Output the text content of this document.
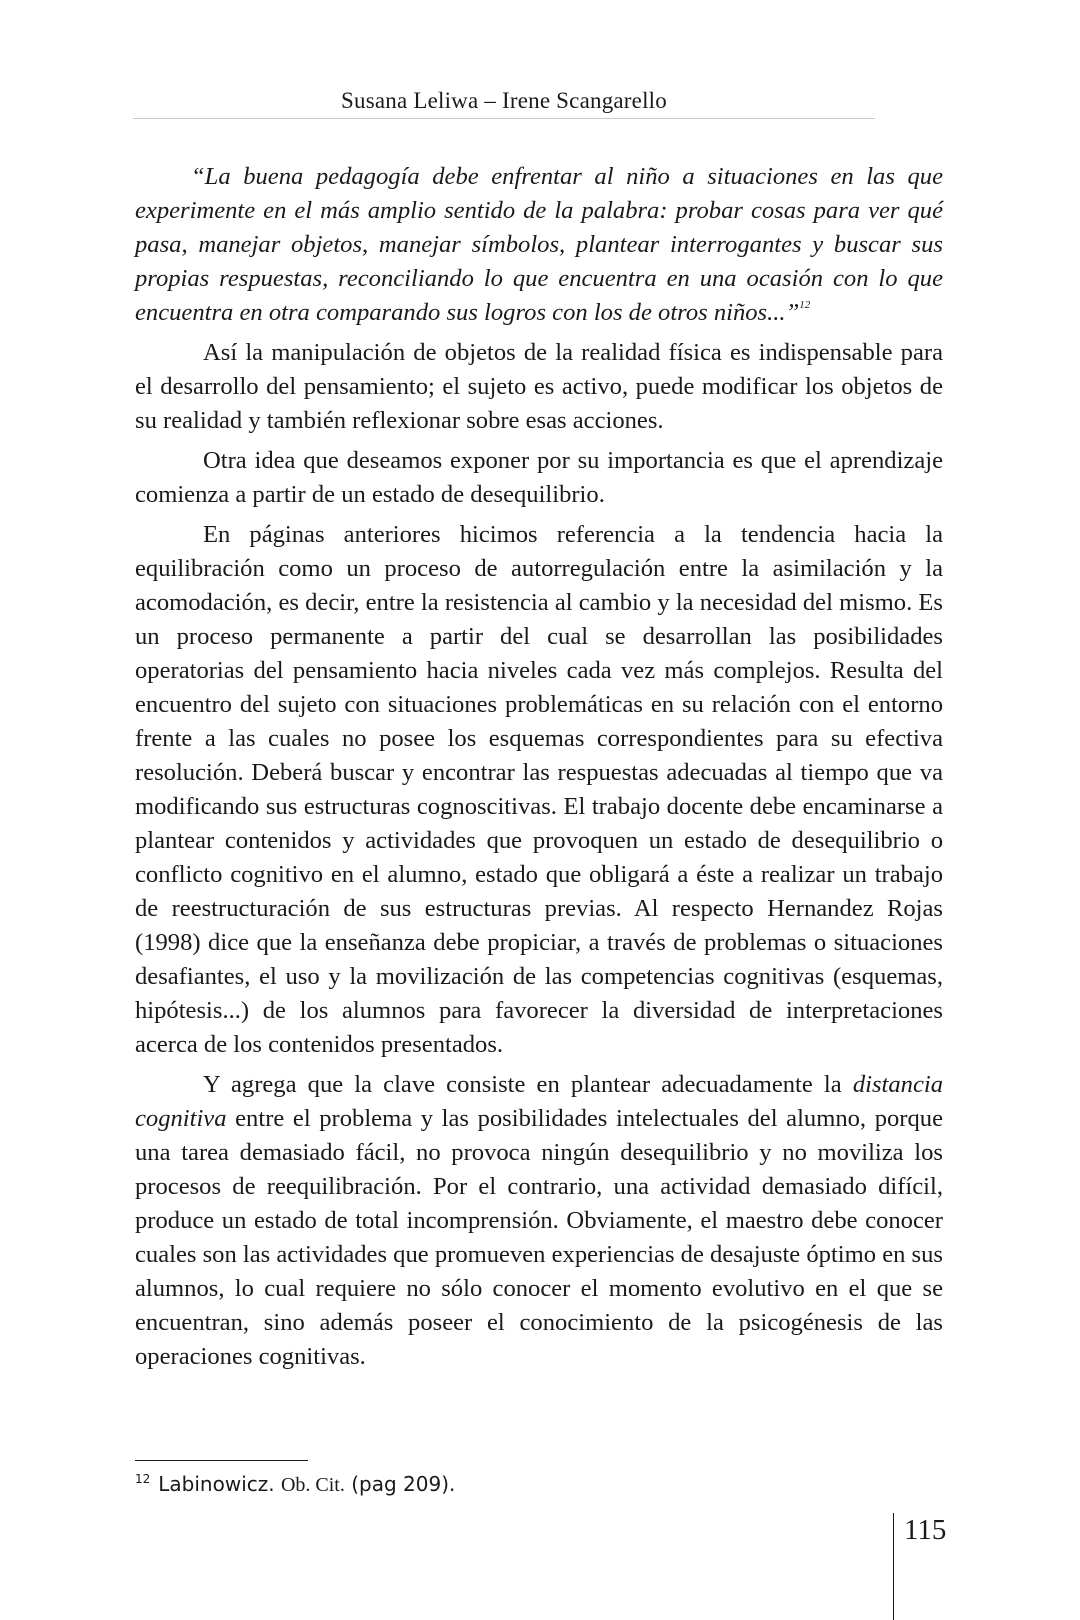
Susana Leliwa – Irene Scangarello

“La buena pedagogía debe enfrentar al niño a situaciones en las que experimente en el más amplio sentido de la palabra: probar cosas para ver qué pasa, manejar objetos, manejar símbolos, plantear interrogantes y buscar sus propias respuestas, reconciliando lo que encuentra en una ocasión con lo que encuentra en otra comparando sus logros con los de otros niños...”$^{12}$

Así la manipulación de objetos de la realidad física es indispensable para el desarrollo del pensamiento; el sujeto es activo, puede modificar los objetos de su realidad y también reflexionar sobre esas acciones.

Otra idea que deseamos exponer por su importancia es que el aprendizaje comienza a partir de un estado de desequilibrio.

En páginas anteriores hicimos referencia a la tendencia hacia la equilibración como un proceso de autorregulación entre la asimilación y la acomodación, es decir, entre la resistencia al cambio y la necesidad del mismo. Es un proceso permanente a partir del cual se desarrollan las posibilidades operatorias del pensamiento hacia niveles cada vez más complejos. Resulta del encuentro del sujeto con situaciones problemáticas en su relación con el entorno frente a las cuales no posee los esquemas correspondientes para su efectiva resolución. Deberá buscar y encontrar las respuestas adecuadas al tiempo que va modificando sus estructuras cognoscitivas. El trabajo docente debe encaminarse a plantear contenidos y actividades que provoquen un estado de desequilibrio o conflicto cognitivo en el alumno, estado que obligará a éste a realizar un trabajo de reestructuración de sus estructuras previas. Al respecto Hernandez Rojas (1998) dice que la enseñanza debe propiciar, a través de problemas o situaciones desafiantes, el uso y la movilización de las competencias cognitivas (esquemas, hipótesis...) de los alumnos para favorecer la diversidad de interpretaciones acerca de los contenidos presentados.

Y agrega que la clave consiste en plantear adecuadamente la distancia cognitiva entre el problema y las posibilidades intelectuales del alumno, porque una tarea demasiado fácil, no provoca ningún desequilibrio y no moviliza los procesos de reequilibración. Por el contrario, una actividad demasiado difícil, produce un estado de total incomprensión. Obviamente, el maestro debe conocer cuales son las actividades que promueven experiencias de desajuste óptimo en sus alumnos, lo cual requiere no sólo conocer el momento evolutivo en el que se encuentran, sino además poseer el conocimiento de la psicogénesis de las operaciones cognitivas.

$^{12}$ Labinowicz. Ob. Cit. (pag 209).
115
